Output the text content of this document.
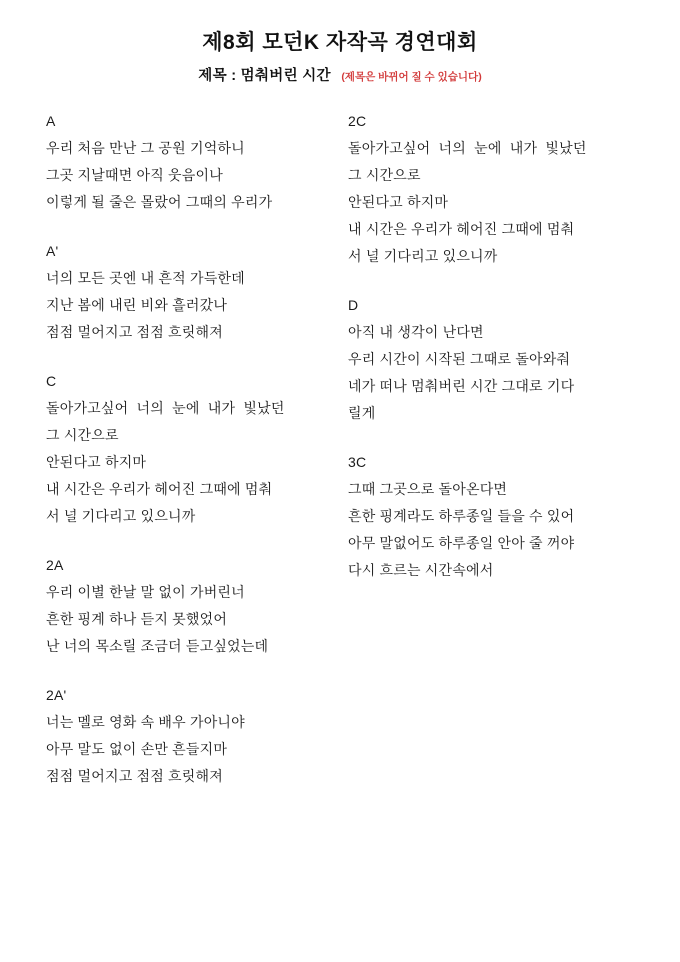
제8회 모던K 자작곡 경연대회
제목 : 멈춰버린 시간 (제목은 바뀌어 질 수 있습니다)
A
우리 처음 만난 그 공원 기억하니
그곳 지날때면 아직 웃음이나
이렇게 될 줄은 몰랐어 그때의 우리가
A'
너의 모든 곳엔 내 흔적 가득한데
지난 봄에 내린 비와 흘러갔나
점점 멀어지고 점점 흐릿해져
C
돌아가고싶어  너의  눈에  내가  빛났던
그 시간으로
안된다고 하지마
내 시간은 우리가 헤어진 그때에 멈춰
서 널 기다리고 있으니까
2A
우리 이별 한날 말 없이 가버린너
흔한 핑계 하나 듣지 못했었어
난 너의 목소릴 조금더 듣고싶었는데
2A'
너는 멜로 영화 속 배우 가아니야
아무 말도 없이 손만 흔들지마
점점 멀어지고 점점 흐릿해져
2C
돌아가고싶어  너의  눈에  내가  빛났던
그 시간으로
안된다고 하지마
내 시간은 우리가 헤어진 그때에 멈춰
서 널 기다리고 있으니까
D
아직 내 생각이 난다면
우리 시간이 시작된 그때로 돌아와줘
네가 떠나 멈춰버린 시간 그대로 기다
릴게
3C
그때 그곳으로 돌아온다면
흔한 핑계라도 하루종일 들을 수 있어
아무 말없어도 하루종일 안아 줄 꺼야
다시 흐르는 시간속에서
